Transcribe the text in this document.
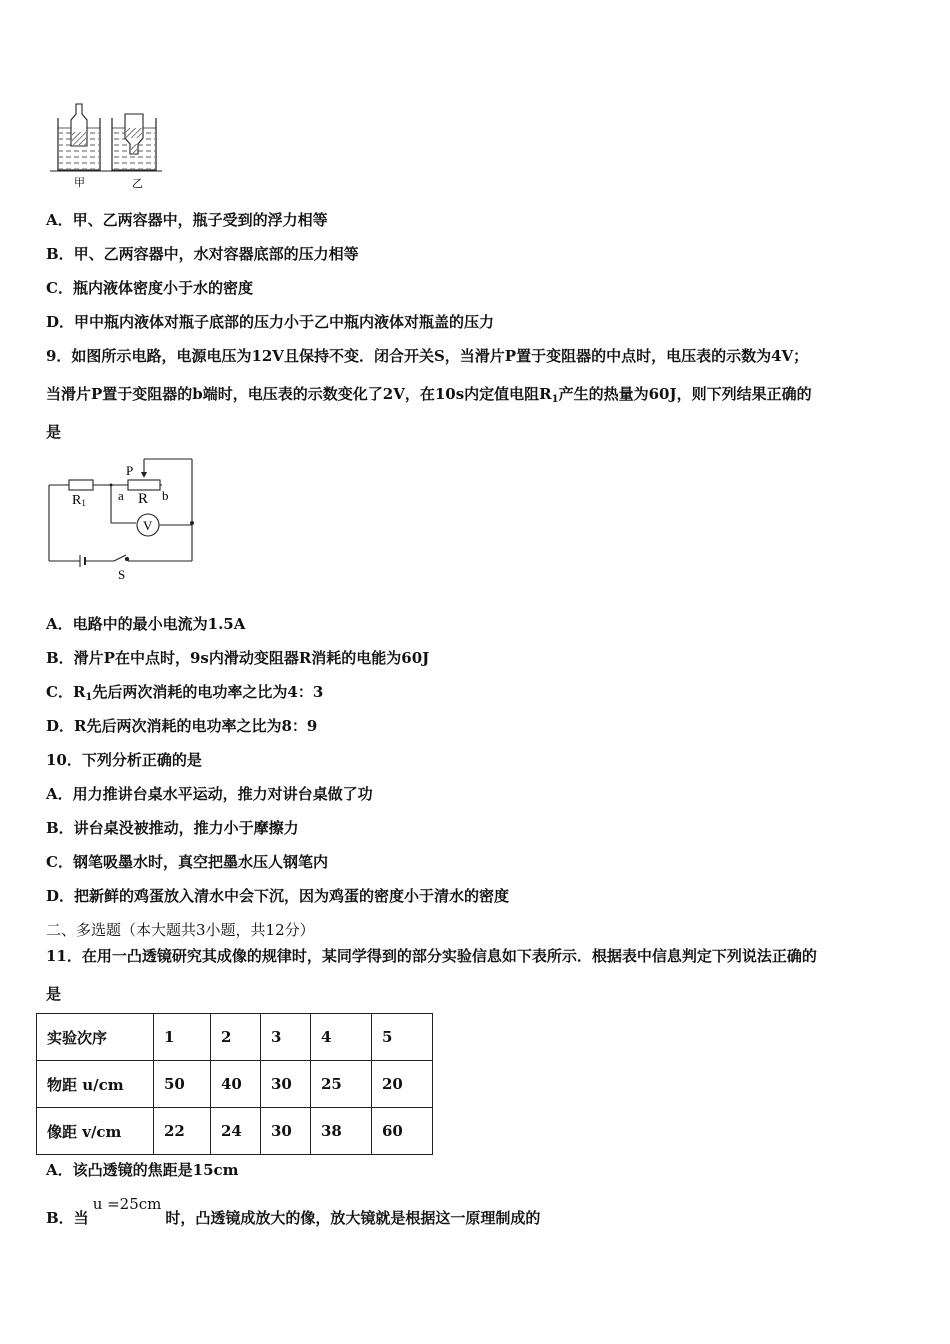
甲	乙
A．甲、乙两容器中，瓶子受到的浮力相等
B．甲、乙两容器中，水对容器底部的压力相等
C．瓶内液体密度小于水的密度
D．甲中瓶内液体对瓶子底部的压力小于乙中瓶内液体对瓶盖的压力
9．如图所示电路，电源电压为12V且保持不变．闭合开关S，当滑片P置于变阻器的中点时，电压表的示数为4V；
当滑片P置于变阻器的b端时，电压表的示数变化了2V，在10s内定值电阻$R_1$产生的热量为60J，则下列结果正确的
是
R1
P
a R b
V
S
A．电路中的最小电流为1.5A
B．滑片P在中点时，9s内滑动变阻器R消耗的电能为60J
C．$R_1$先后两次消耗的电功率之比为4：3
D．R先后两次消耗的电功率之比为8：9
10．下列分析正确的是
A．用力推讲台桌水平运动，推力对讲台桌做了功
B．讲台桌没被推动，推力小于摩擦力
C．钢笔吸墨水时，真空把墨水压人钢笔内
D．把新鲜的鸡蛋放入清水中会下沉，因为鸡蛋的密度小于清水的密度
二、多选题（本大题共3小题，共12分）
11．在用一凸透镜研究其成像的规律时，某同学得到的部分实验信息如下表所示．根据表中信息判定下列说法正确的
是
实验次序	1	2	3	4	5
物距 u/cm	50	40	30	25	20
像距 v/cm	22	24	30	38	60
A．该凸透镜的焦距是15cm
B．当u =25cm时，凸透镜成放大的像，放大镜就是根据这一原理制成的
